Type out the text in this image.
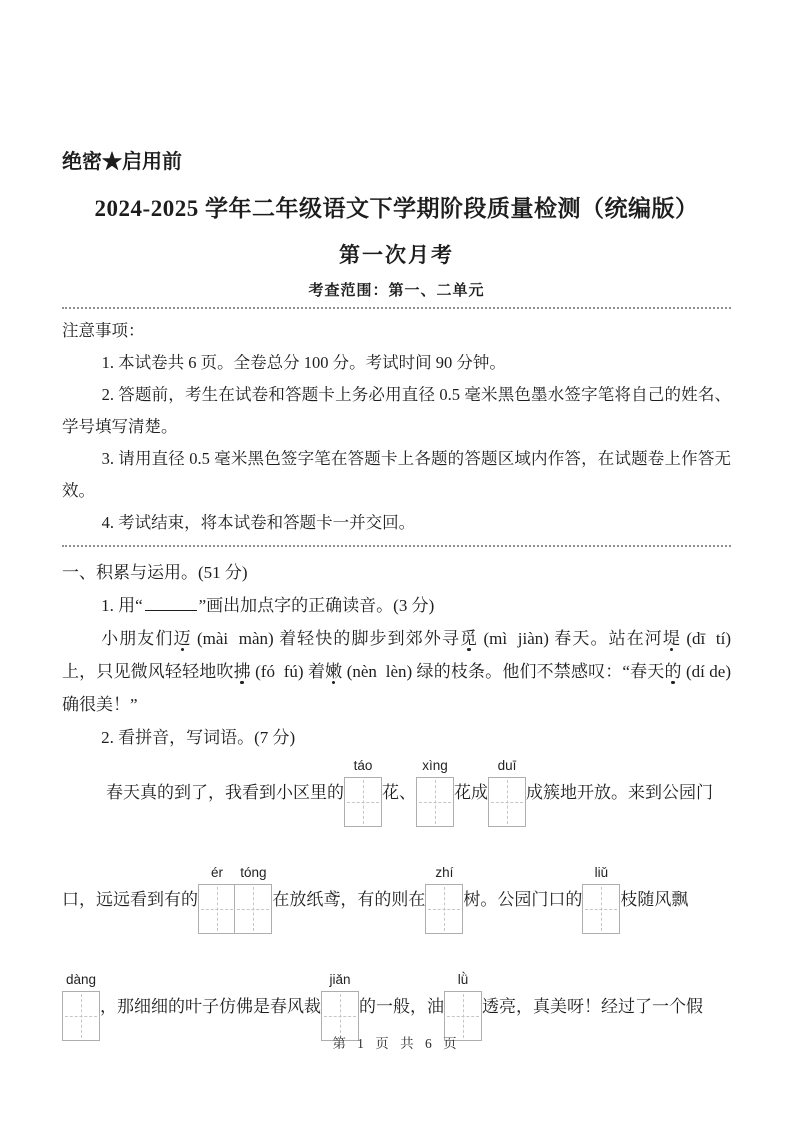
绝密★启用前
2024-2025 学年二年级语文下学期阶段质量检测（统编版）
第一次月考
考查范围：第一、二单元

注意事项：

1. 本试卷共 6 页。全卷总分 100 分。考试时间 90 分钟。

2. 答题前，考生在试卷和答题卡上务必用直径 0.5 毫米黑色墨水签字笔将自己的姓名、学号填写清楚。

3. 请用直径 0.5 毫米黑色签字笔在答题卡上各题的答题区域内作答，在试题卷上作答无效。

4. 考试结束，将本试卷和答题卡一并交回。

一、积累与运用。(51 分)

1. 用“	”画出加点字的正确读音。(3 分)

小朋友们迈 (mài  màn) 着轻快的脚步到郊外寻觅 (mì  jiàn) 春天。站在河堤 (dī  tí) 上，只见微风轻轻地吹拂 (fó  fú) 着嫩 (nèn  lèn) 绿的枝条。他们不禁感叹：“春天的 (dí de) 确很美！”

2. 看拼音，写词语。(7 分)

春天真的到了，我看到小区里的
táo
花、
xìng
花成
duī
成簇地开放。来到公园门
口，远远看到有的
ér tóng
在放纸鸢，有的则在
zhí
树。公园门口的
liǔ
枝随风飘
dàng
，那细细的叶子仿佛是春风裁
jiǎn
的一般，油
lǜ
透亮，真美呀！经过了一个假
第 1 页 共 6 页
